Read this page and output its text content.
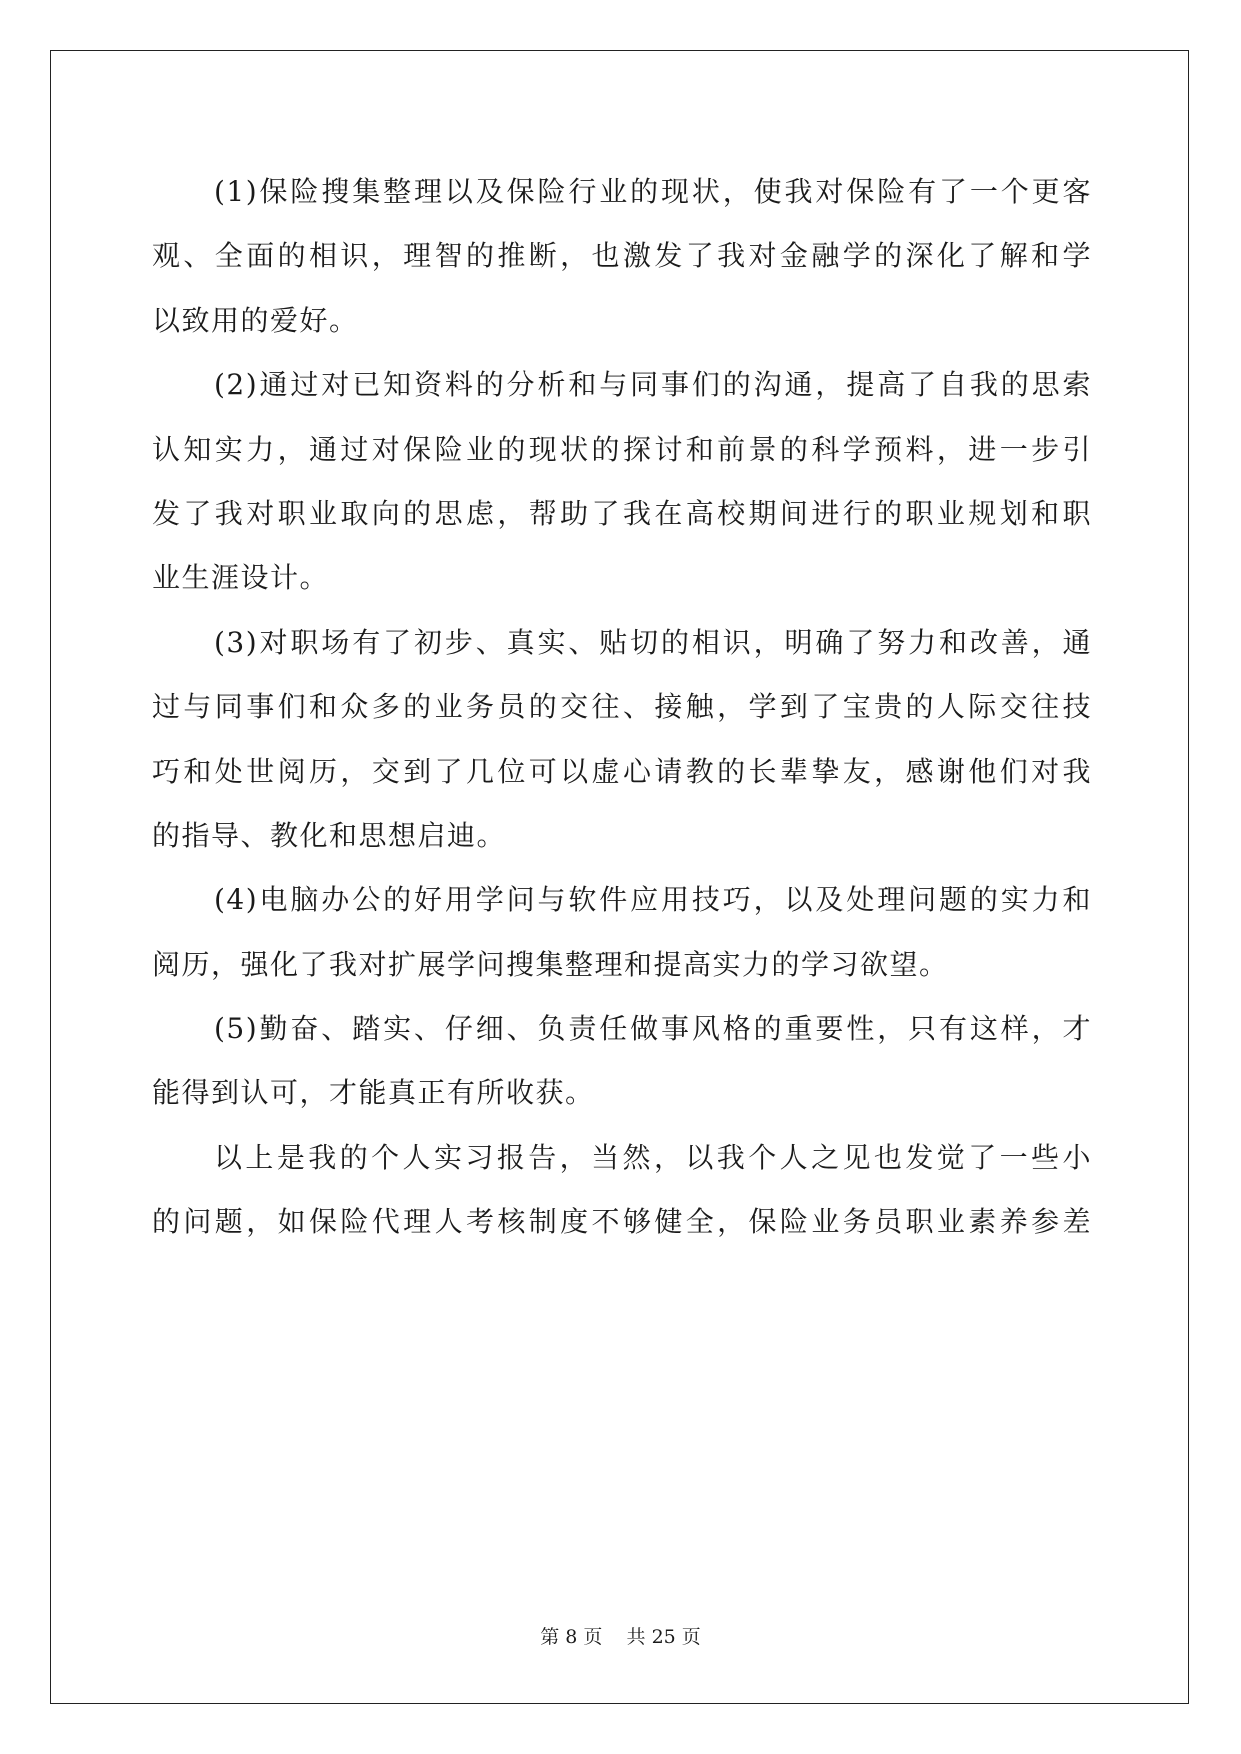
(1)保险搜集整理以及保险行业的现状，使我对保险有了一个更客
观、全面的相识，理智的推断，也激发了我对金融学的深化了解和学
以致用的爱好。
(2)通过对已知资料的分析和与同事们的沟通，提高了自我的思索
认知实力，通过对保险业的现状的探讨和前景的科学预料，进一步引
发了我对职业取向的思虑，帮助了我在高校期间进行的职业规划和职
业生涯设计。
(3)对职场有了初步、真实、贴切的相识，明确了努力和改善，通
过与同事们和众多的业务员的交往、接触，学到了宝贵的人际交往技
巧和处世阅历，交到了几位可以虚心请教的长辈挚友，感谢他们对我
的指导、教化和思想启迪。
(4)电脑办公的好用学问与软件应用技巧，以及处理问题的实力和
阅历，强化了我对扩展学问搜集整理和提高实力的学习欲望。
(5)勤奋、踏实、仔细、负责任做事风格的重要性，只有这样，才
能得到认可，才能真正有所收获。
以上是我的个人实习报告，当然，以我个人之见也发觉了一些小
的问题，如保险代理人考核制度不够健全，保险业务员职业素养参差
第 8 页    共 25 页
